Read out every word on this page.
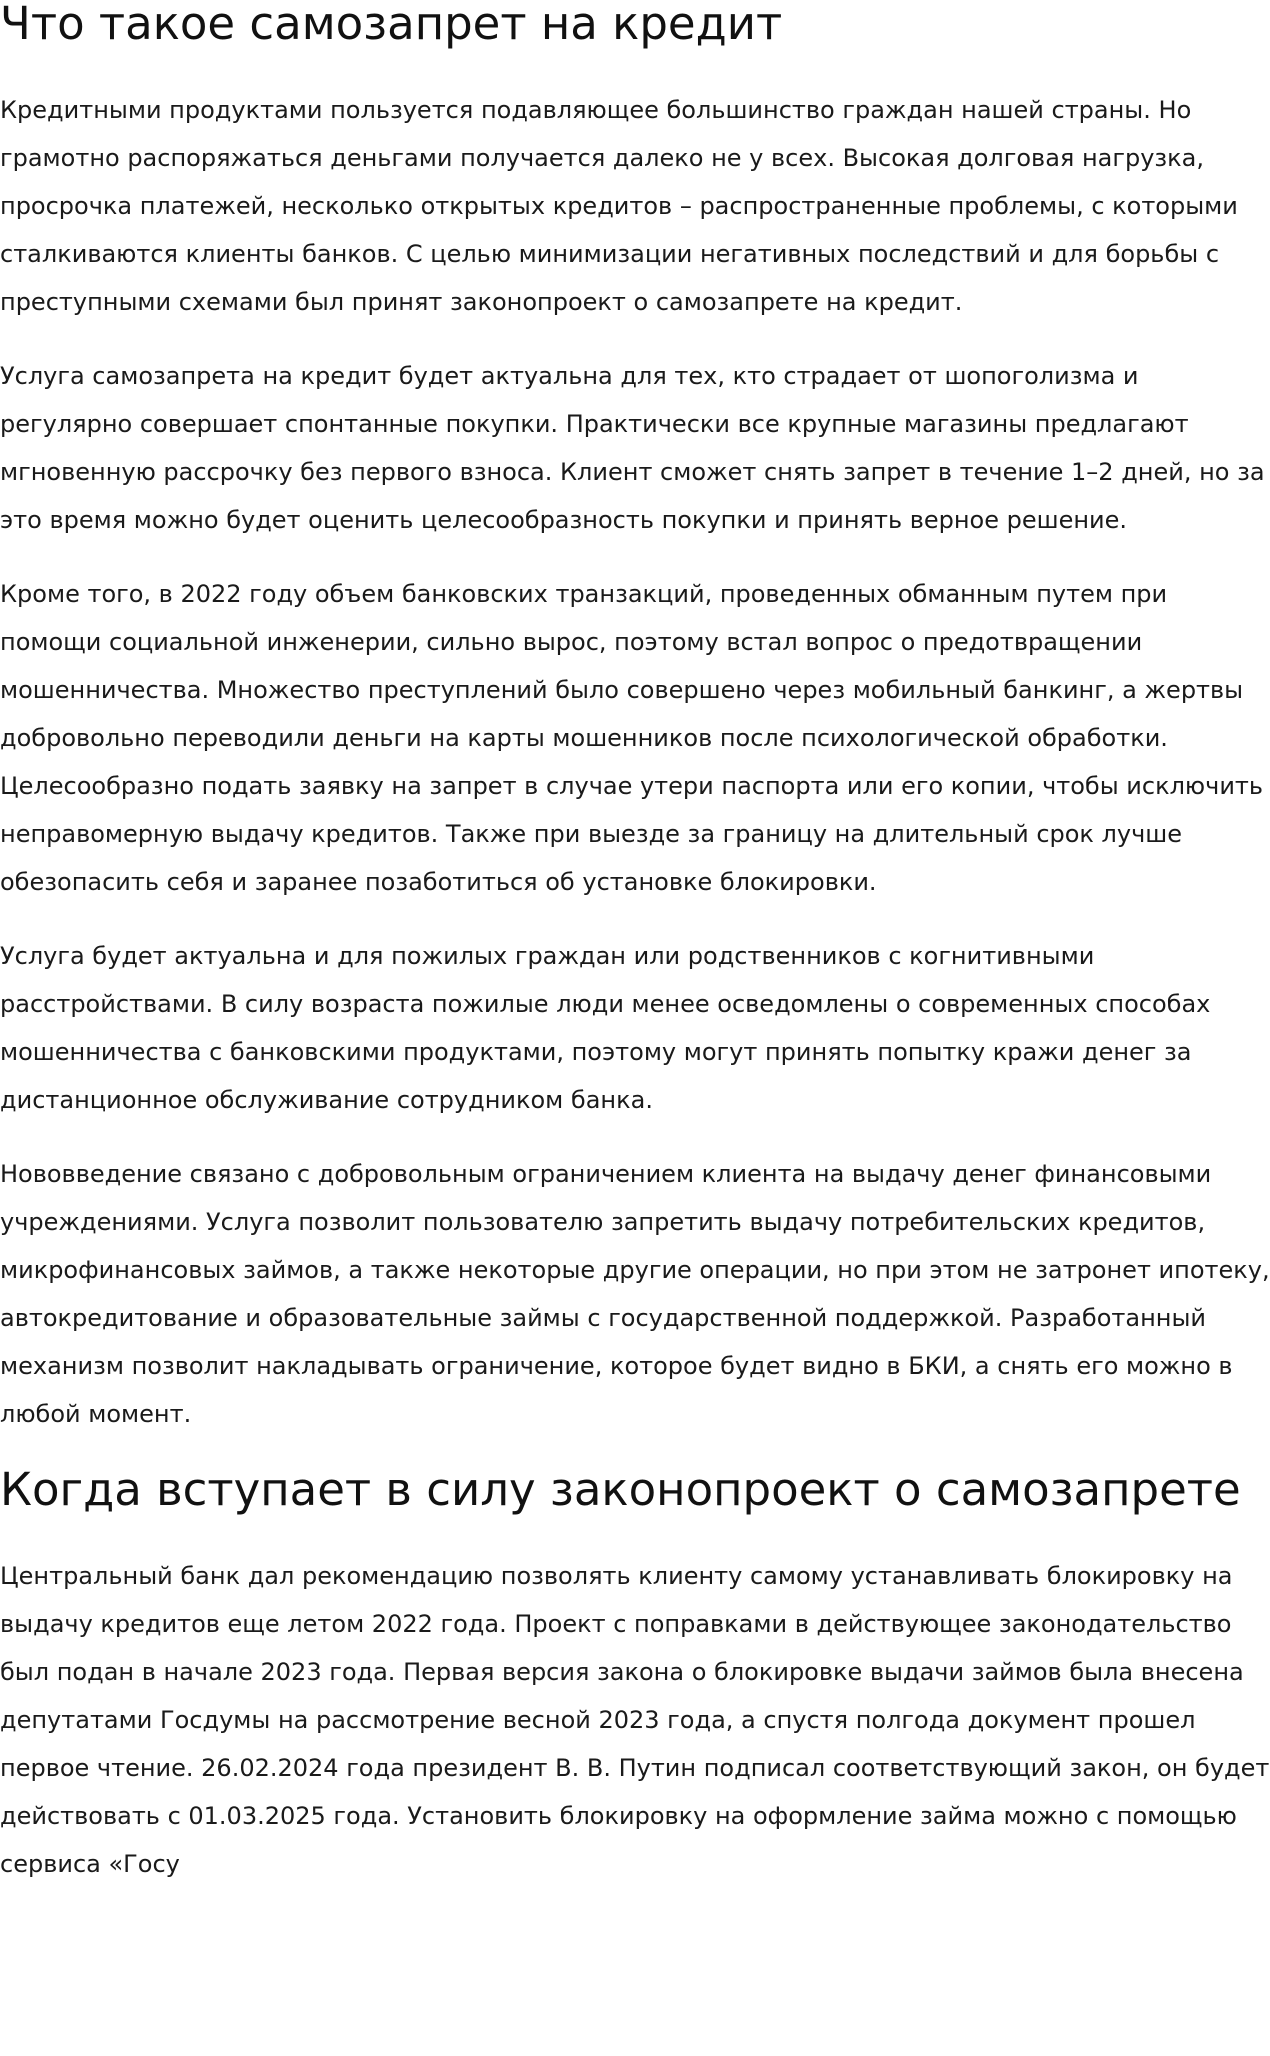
Что такое самозапрет на кредит

Кредитными продуктами пользуется подавляющее большинство граждан нашей страны. Но грамотно распоряжаться деньгами получается далеко не у всех. Высокая долговая нагрузка, просрочка платежей, несколько открытых кредитов – распространенные проблемы, с которыми сталкиваются клиенты банков. С целью минимизации негативных последствий и для борьбы с преступными схемами был принят законопроект о самозапрете на кредит.

Услуга самозапрета на кредит будет актуальна для тех, кто страдает от шопоголизма и регулярно совершает спонтанные покупки. Практически все крупные магазины предлагают мгновенную рассрочку без первого взноса. Клиент сможет снять запрет в течение 1–2 дней, но за это время можно будет оценить целесообразность покупки и принять верное решение.

Кроме того, в 2022 году объем банковских транзакций, проведенных обманным путем при помощи социальной инженерии, сильно вырос, поэтому встал вопрос о предотвращении мошенничества. Множество преступлений было совершено через мобильный банкинг, а жертвы добровольно переводили деньги на карты мошенников после психологической обработки. Целесообразно подать заявку на запрет в случае утери паспорта или его копии, чтобы исключить неправомерную выдачу кредитов. Также при выезде за границу на длительный срок лучше обезопасить себя и заранее позаботиться об установке блокировки.

Услуга будет актуальна и для пожилых граждан или родственников с когнитивными расстройствами. В силу возраста пожилые люди менее осведомлены о современных способах мошенничества с банковскими продуктами, поэтому могут принять попытку кражи денег за дистанционное обслуживание сотрудником банка.

Нововведение связано с добровольным ограничением клиента на выдачу денег финансовыми учреждениями. Услуга позволит пользователю запретить выдачу потребительских кредитов, микрофинансовых займов, а также некоторые другие операции, но при этом не затронет ипотеку, автокредитование и образовательные займы с государственной поддержкой. Разработанный механизм позволит накладывать ограничение, которое будет видно в БКИ, а снять его можно в любой момент.

Когда вступает в силу законопроект о самозапрете

Центральный банк дал рекомендацию позволять клиенту самому устанавливать блокировку на выдачу кредитов еще летом 2022 года. Проект с поправками в действующее законодательство был подан в начале 2023 года. Первая версия закона о блокировке выдачи займов была внесена депутатами Госдумы на рассмотрение весной 2023 года, а спустя полгода документ прошел первое чтение. 26.02.2024 года президент В. В. Путин подписал соответствующий закон, он будет действовать с 01.03.2025 года. Установить блокировку на оформление займа можно с помощью сервиса «Госу
